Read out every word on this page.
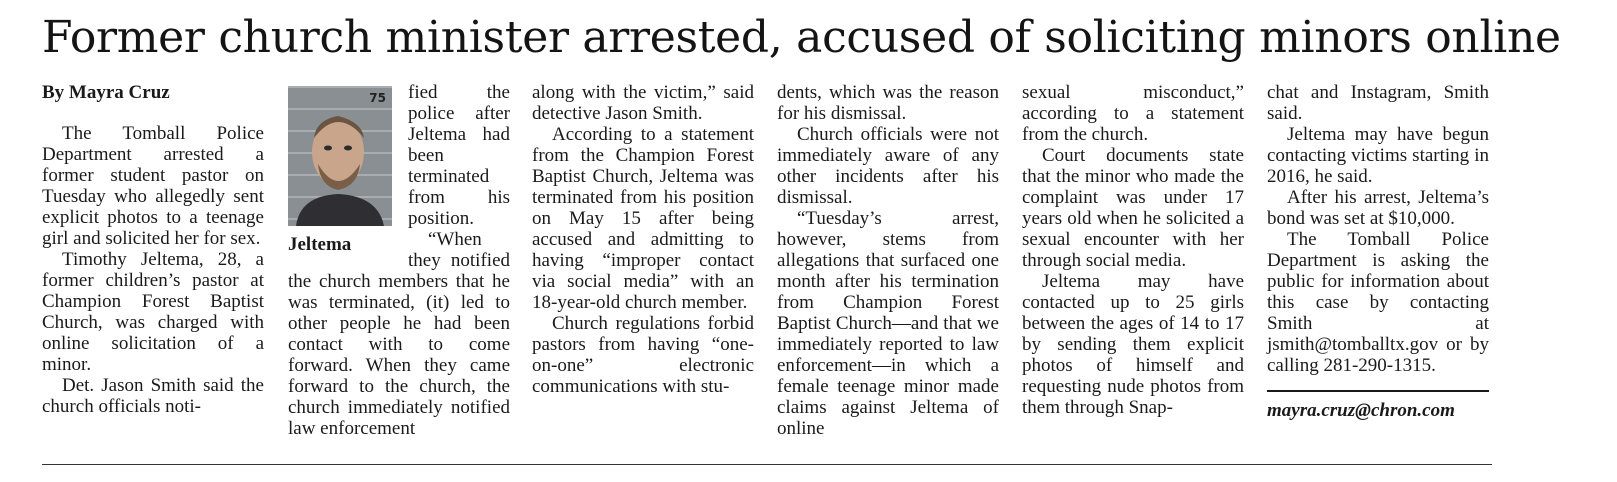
Former church minister arrested, accused of soliciting minors online
By Mayra Cruz

The Tomball Police Department arrested a former student pastor on Tuesday who allegedly sent explicit photos to a teenage girl and solicited her for sex.

Timothy Jeltema, 28, a former children’s pastor at Champion Forest Baptist Church, was charged with online solicitation of a minor.

Det. Jason Smith said the church officials noti-

75
Jeltema

fied the police after Jeltema had been terminated from his position.

“When they notified the church members that he was terminated, (it) led to other people he had been contact with to come forward. When they came forward to the church, the church immediately notified law enforcement

along with the victim,” said detective Jason Smith.

According to a statement from the Champion Forest Baptist Church, Jeltema was terminated from his position on May 15 after being accused and admitting to having “improper contact via social media” with an 18-year-old church member.

Church regulations forbid pastors from having “one-on-one” electronic communications with stu-

dents, which was the reason for his dismissal.

Church officials were not immediately aware of any other incidents after his dismissal.

“Tuesday’s arrest, however, stems from allegations that surfaced one month after his termination from Champion Forest Baptist Church—and that we immediately reported to law enforcement—in which a female teenage minor made claims against Jeltema of online

sexual misconduct,” according to a statement from the church.

Court documents state that the minor who made the complaint was under 17 years old when he solicited a sexual encounter with her through social media.

Jeltema may have contacted up to 25 girls between the ages of 14 to 17 by sending them explicit photos of himself and requesting nude photos from them through Snap-

chat and Instagram, Smith said.

Jeltema may have begun contacting victims starting in 2016, he said.

After his arrest, Jeltema’s bond was set at $10,000.

The Tomball Police Department is asking the public for information about this case by contacting Smith at jsmith@tomballtx.gov or by calling 281-290-1315.

mayra.cruz@chron.com
